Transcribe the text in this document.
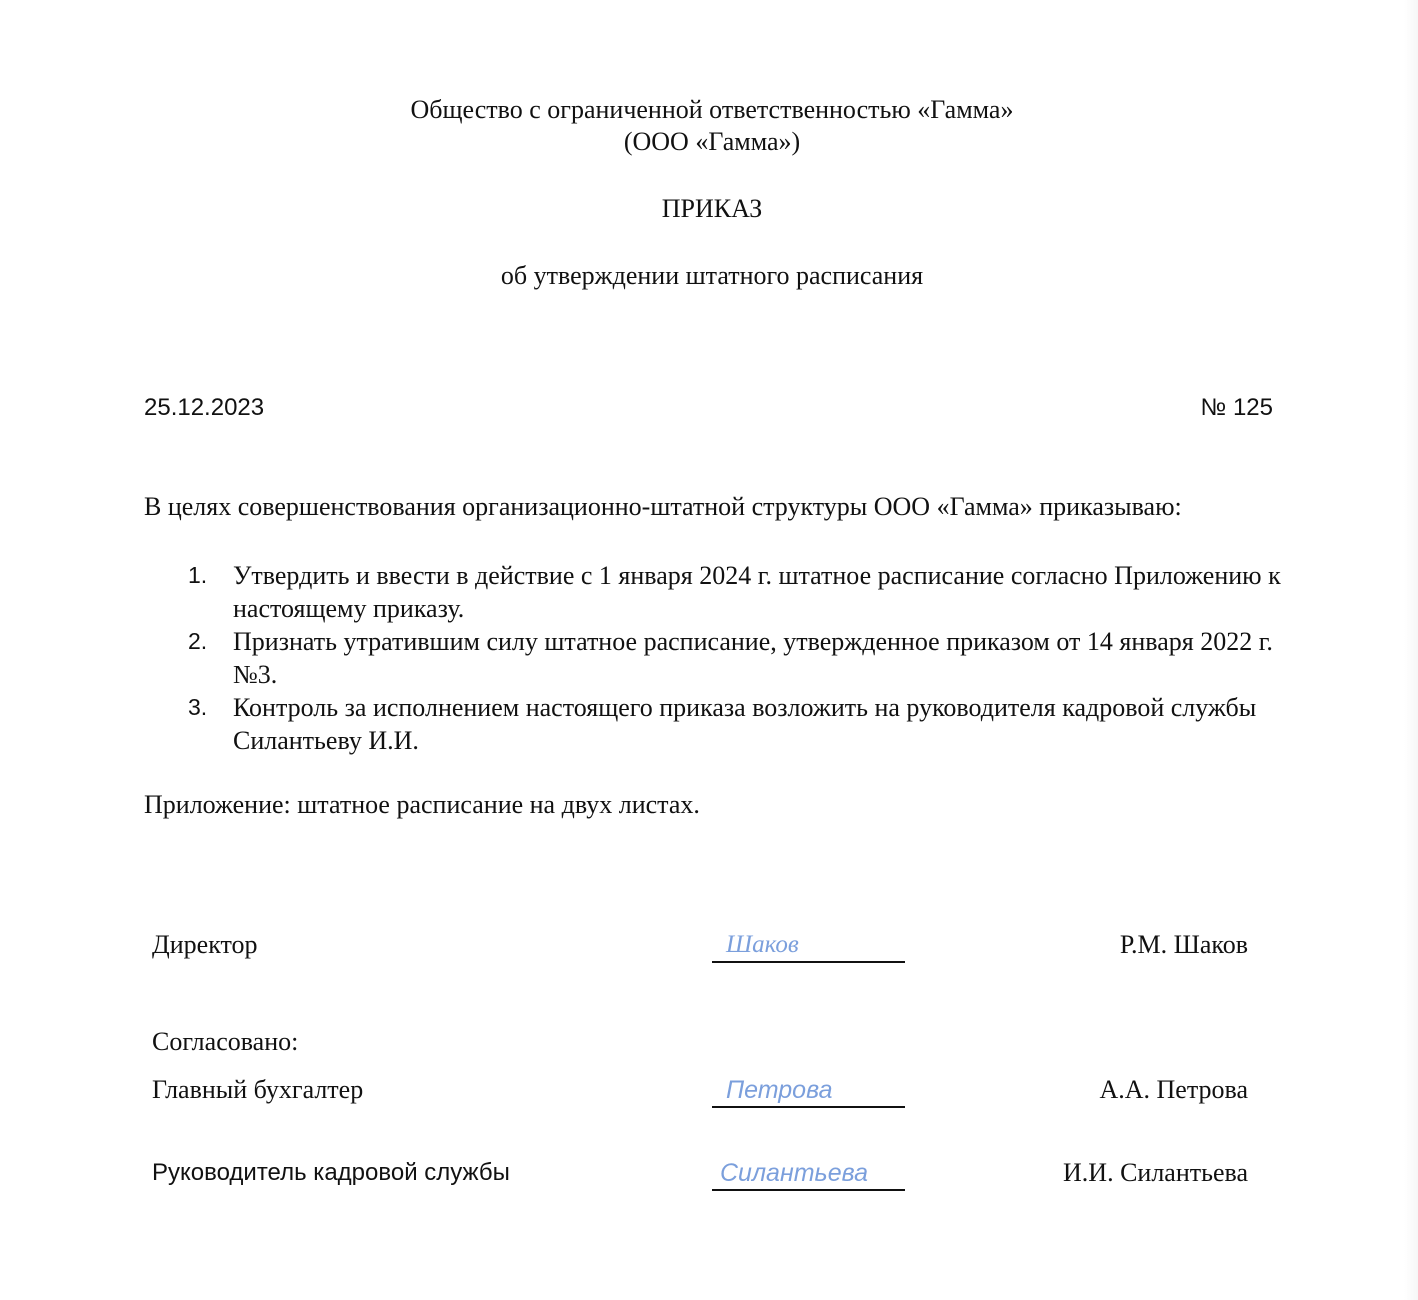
Общество с ограниченной ответственностью «Гамма»
(ООО «Гамма»)
ПРИКАЗ
об утверждении штатного расписания
25.12.2023	№ 125
В целях совершенствования организационно-штатной структуры ООО «Гамма» приказываю:
1. Утвердить и ввести в действие с 1 января 2024 г. штатное расписание согласно Приложению к настоящему приказу.
2. Признать утратившим силу штатное расписание, утвержденное приказом от 14 января 2022 г. №3.
3. Контроль за исполнением настоящего приказа возложить на руководителя кадровой службы Силантьеву И.И.
Приложение: штатное расписание на двух листах.
Директор	Шаков	Р.М. Шаков
Согласовано:
Главный бухгалтер	Петрова	А.А. Петрова
Руководитель кадровой службы	Силантьева	И.И. Силантьева
